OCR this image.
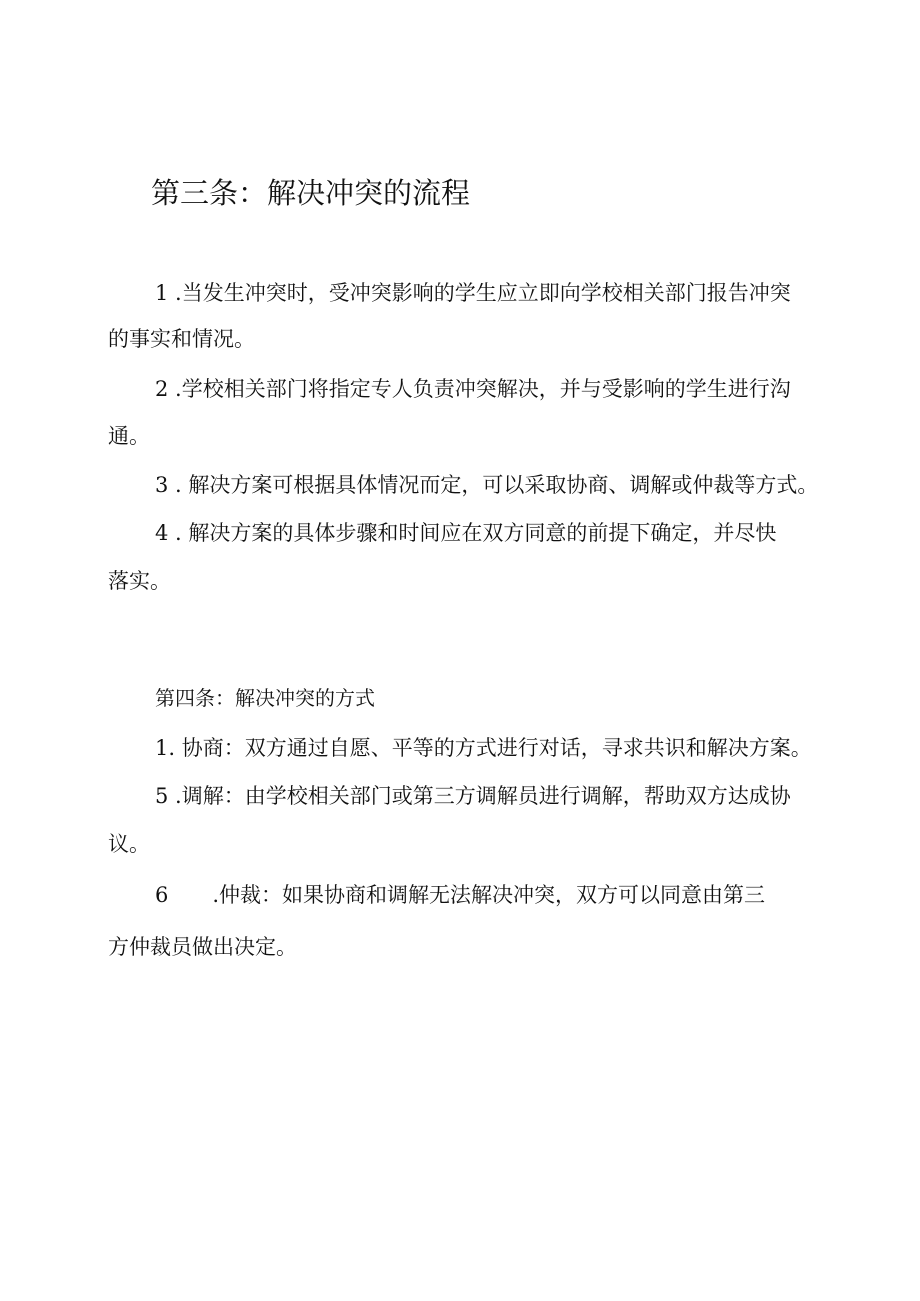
第三条：解决冲突的流程
1 .当发生冲突时，受冲突影响的学生应立即向学校相关部门报告冲突
的事实和情况。
2 .学校相关部门将指定专人负责冲突解决，并与受影响的学生进行沟
通。
3 . 解决方案可根据具体情况而定，可以采取协商、调解或仲裁等方式。
4 . 解决方案的具体步骤和时间应在双方同意的前提下确定，并尽快
落实。
第四条：解决冲突的方式
1. 协商：双方通过自愿、平等的方式进行对话，寻求共识和解决方案。
5 .调解：由学校相关部门或第三方调解员进行调解，帮助双方达成协
议。
6 .仲裁：如果协商和调解无法解决冲突，双方可以同意由第三
方仲裁员做出决定。
